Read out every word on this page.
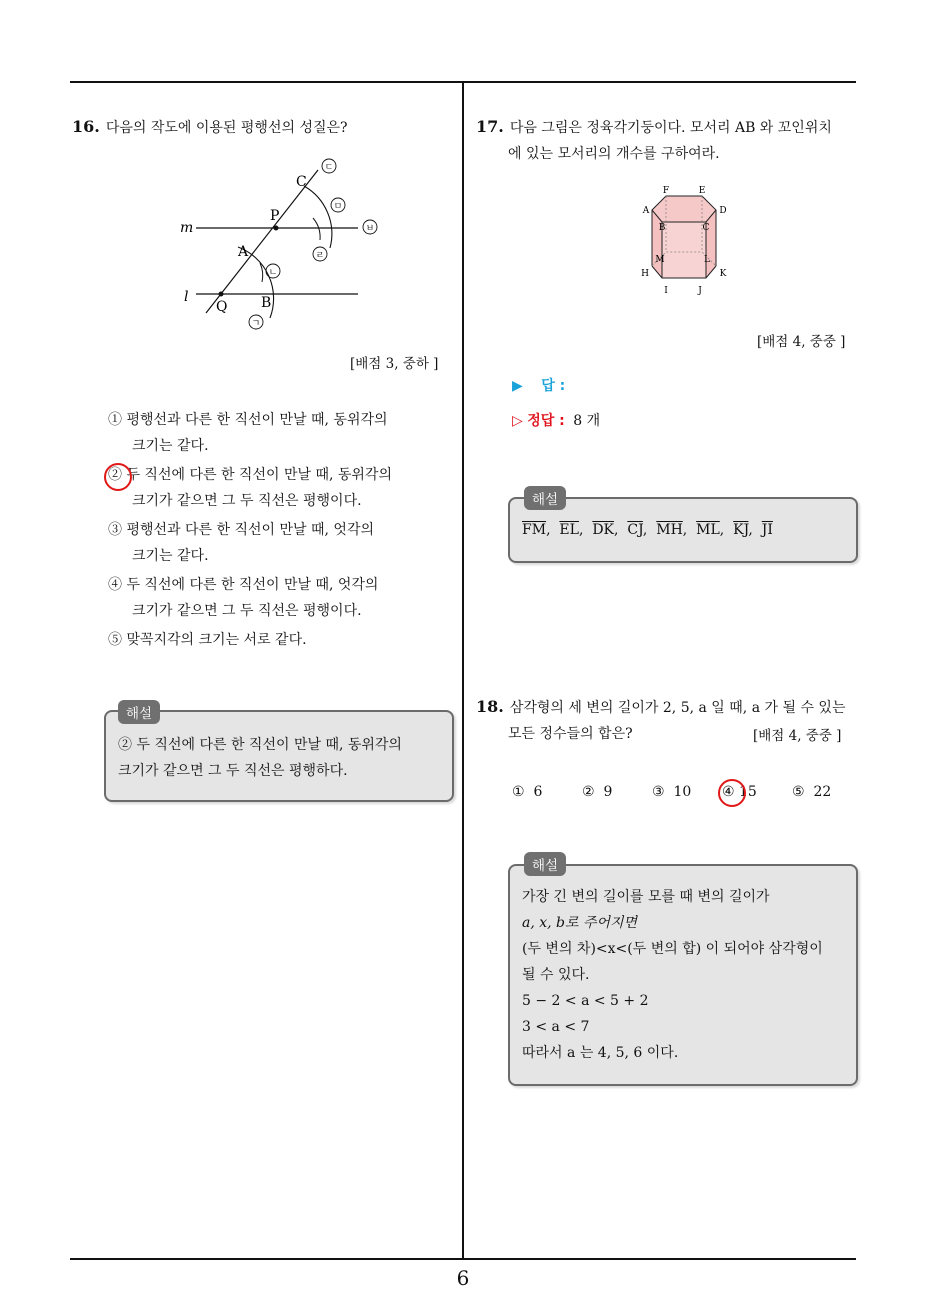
6
16. 다음의 작도에 이용된 평행선의 성질은?
m
l
P
C
A
Q B
ㄱ
ㄴ
ㄷ
ㄹ
ㅁ
ㅂ
[배점 3, 중하 ]
① 평행선과 다른 한 직선이 만날 때, 동위각의
크기는 같다.
② 두 직선에 다른 한 직선이 만날 때, 동위각의
크기가 같으면 그 두 직선은 평행이다.
③ 평행선과 다른 한 직선이 만날 때, 엇각의
크기는 같다.
④ 두 직선에 다른 한 직선이 만날 때, 엇각의
크기가 같으면 그 두 직선은 평행이다.
⑤ 맞꼭지각의 크기는 서로 같다.
② 두 직선에 다른 한 직선이 만날 때, 동위각의
크기가 같으면 그 두 직선은 평행하다.
해설
17. 다음 그림은 정육각기둥이다. 모서리 AB 와 꼬인위치
에 있는 모서리의 개수를 구하여라.
F	E
A	D
B	C
M	L
H	K
I	J
[배점 4, 중중 ]
▶ 답 :
▷ 정답 : 8 개
$\overline{FM}$,  $\overline{EL}$,  $\overline{DK}$,  $\overline{CJ}$,  $\overline{MH}$,  $\overline{ML}$,  $\overline{KJ}$,  $\overline{JI}$
해설
18. 삼각형의 세 변의 길이가 2, 5, a 일 때, a 가 될 수 있는
모든 정수들의 합은?	[배점 4, 중중 ]
① 6	② 9	③ 10 ④ 15	⑤ 22
가장 긴 변의 길이를 모를 때 변의 길이가
a, x, b로 주어지면
(두 변의 차)<x<(두 변의 합) 이 되어야 삼각형이
될 수 있다.
5 − 2 < a < 5 + 2
3 < a < 7
따라서 a 는 4, 5, 6 이다.
해설
